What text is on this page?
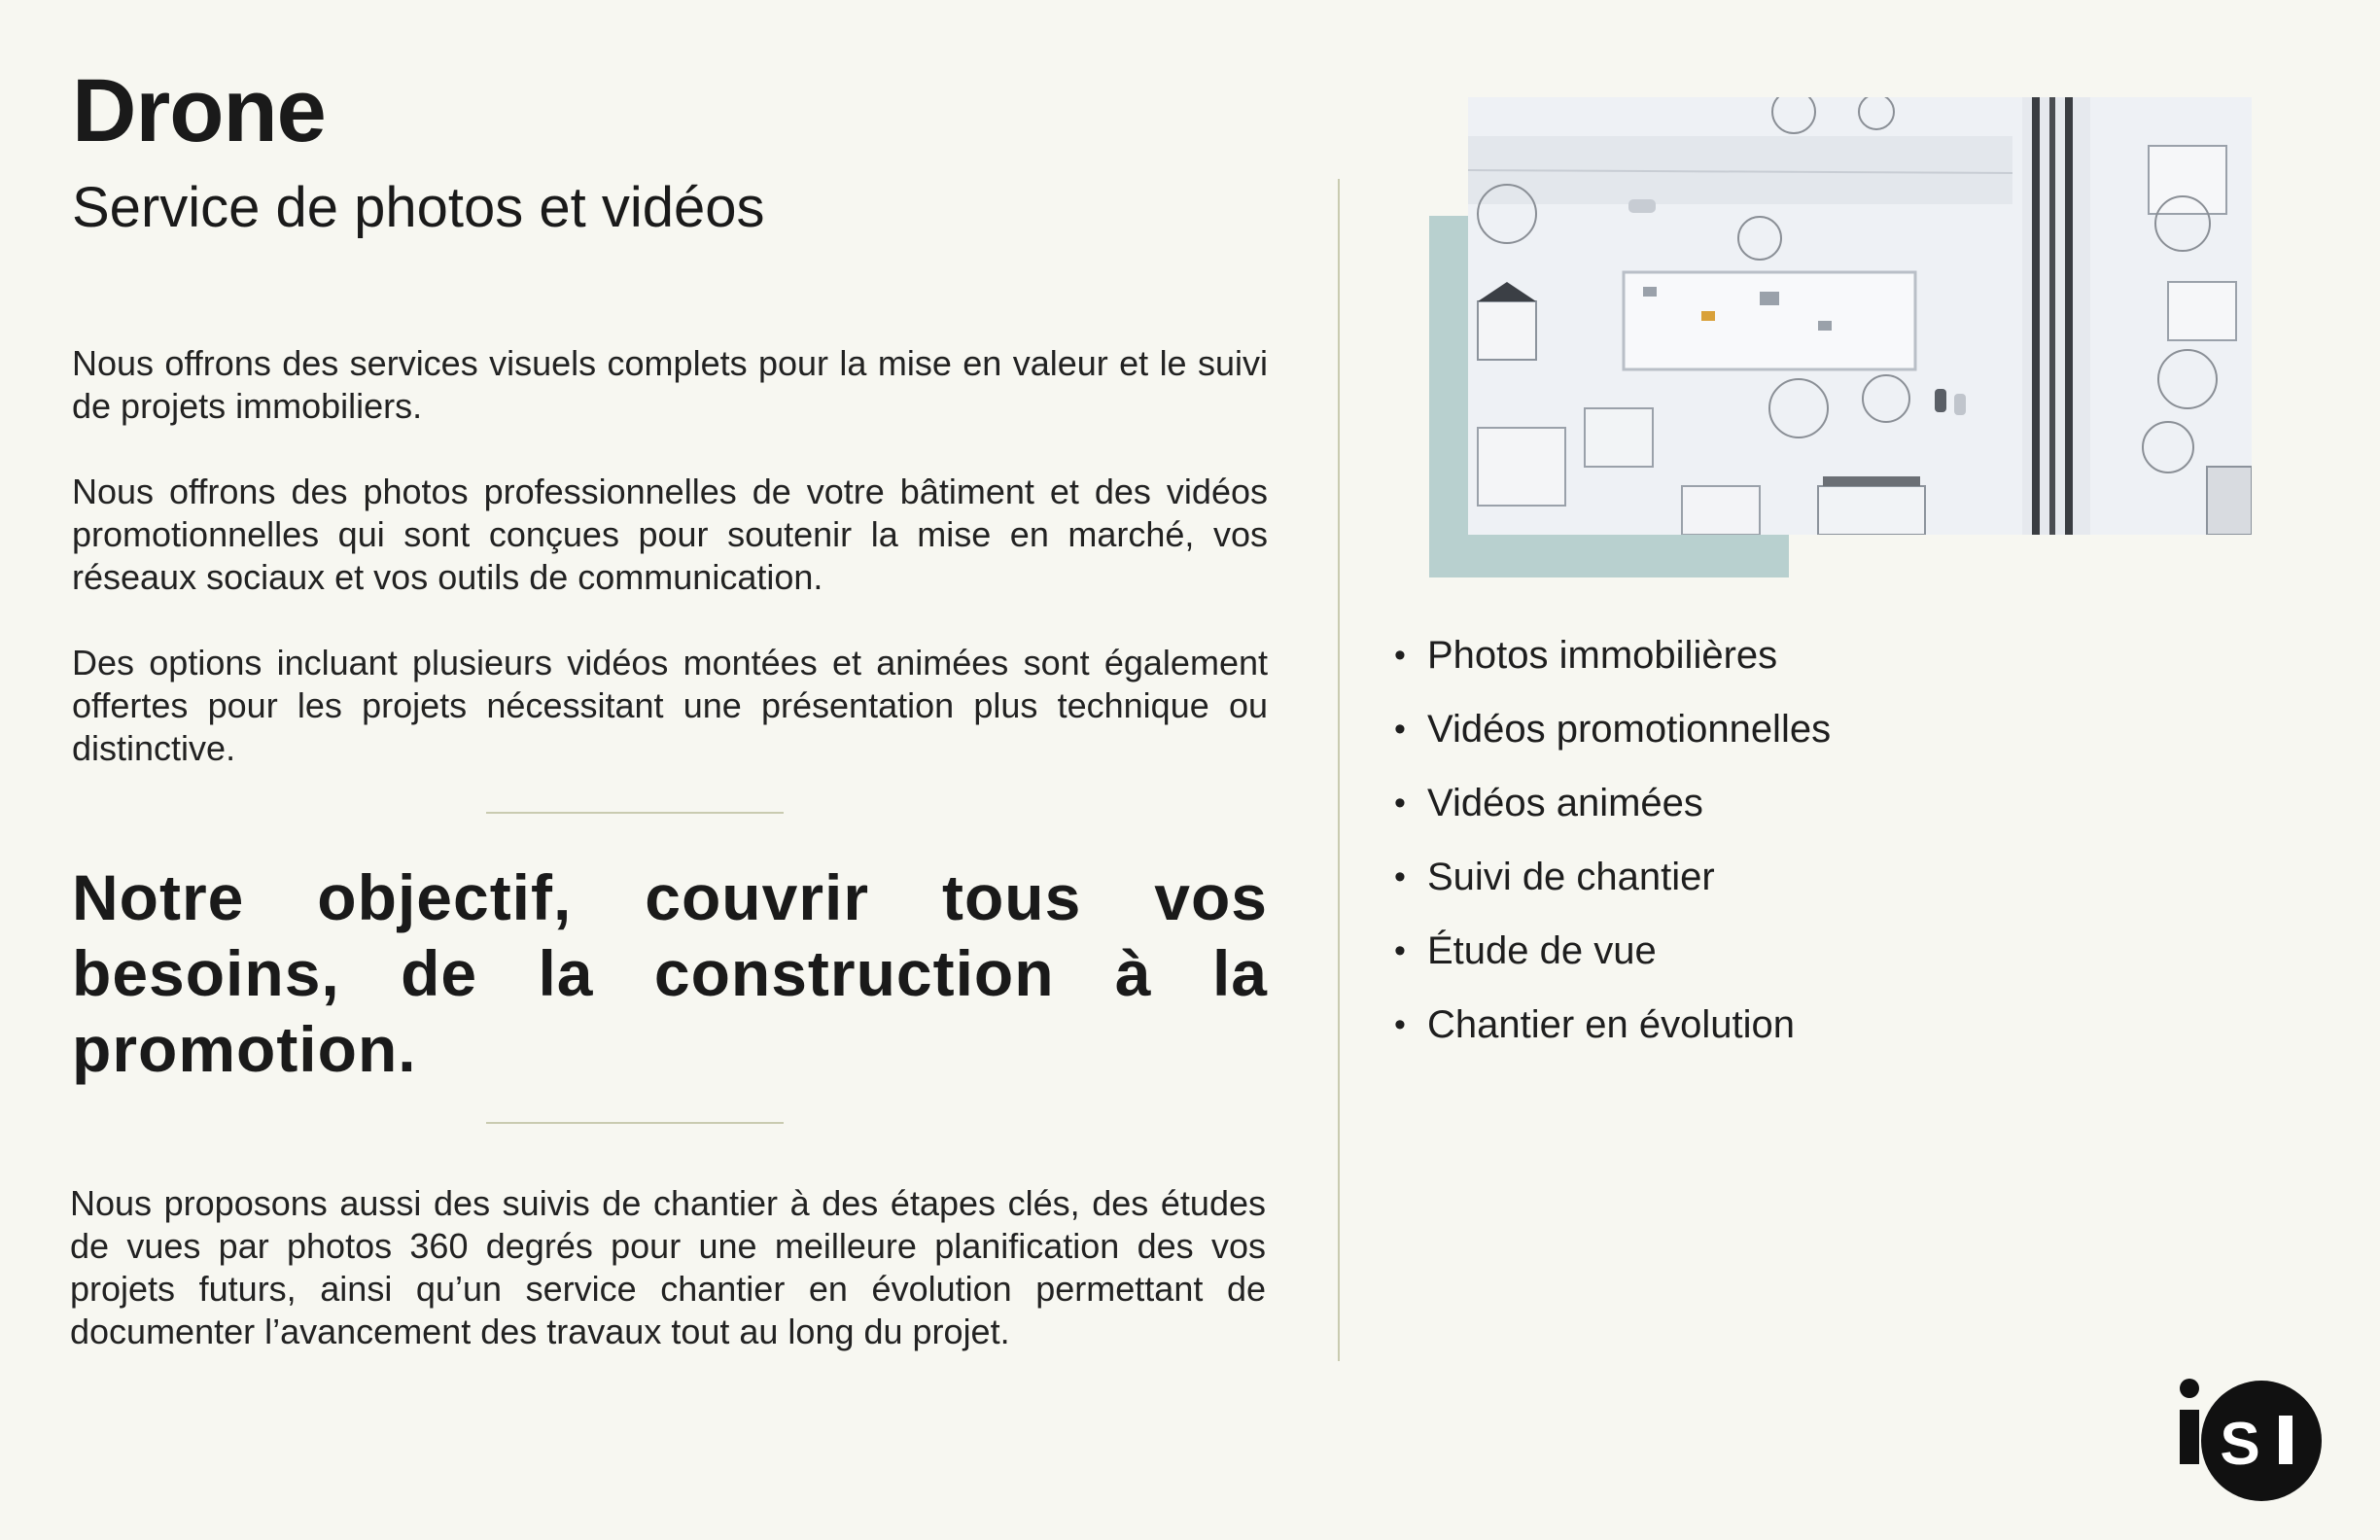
Drone
Service de photos et vidéos

Nous offrons des services visuels complets pour la mise en valeur et le suivi de projets immobiliers.

Nous offrons des photos professionnelles de votre bâtiment et des vidéos promotionnelles qui sont conçues pour soutenir la mise en marché, vos réseaux sociaux et vos outils de communication.

Des options incluant plusieurs vidéos montées et animées sont également offertes pour les projets nécessitant une présentation plus technique ou distinctive.

Notre objectif, couvrir tous vos besoins, de la construction à la promotion.

Nous proposons aussi des suivis de chantier à des étapes clés, des études de vues par photos 360 degrés pour une meilleure planification des vos projets futurs, ainsi qu’un service chantier en évolution permettant de documenter l’avancement des travaux tout au long du projet.

• Photos immobilières
• Vidéos promotionnelles
• Vidéos animées
• Suivi de chantier
• Étude de vue
• Chantier en évolution
S
